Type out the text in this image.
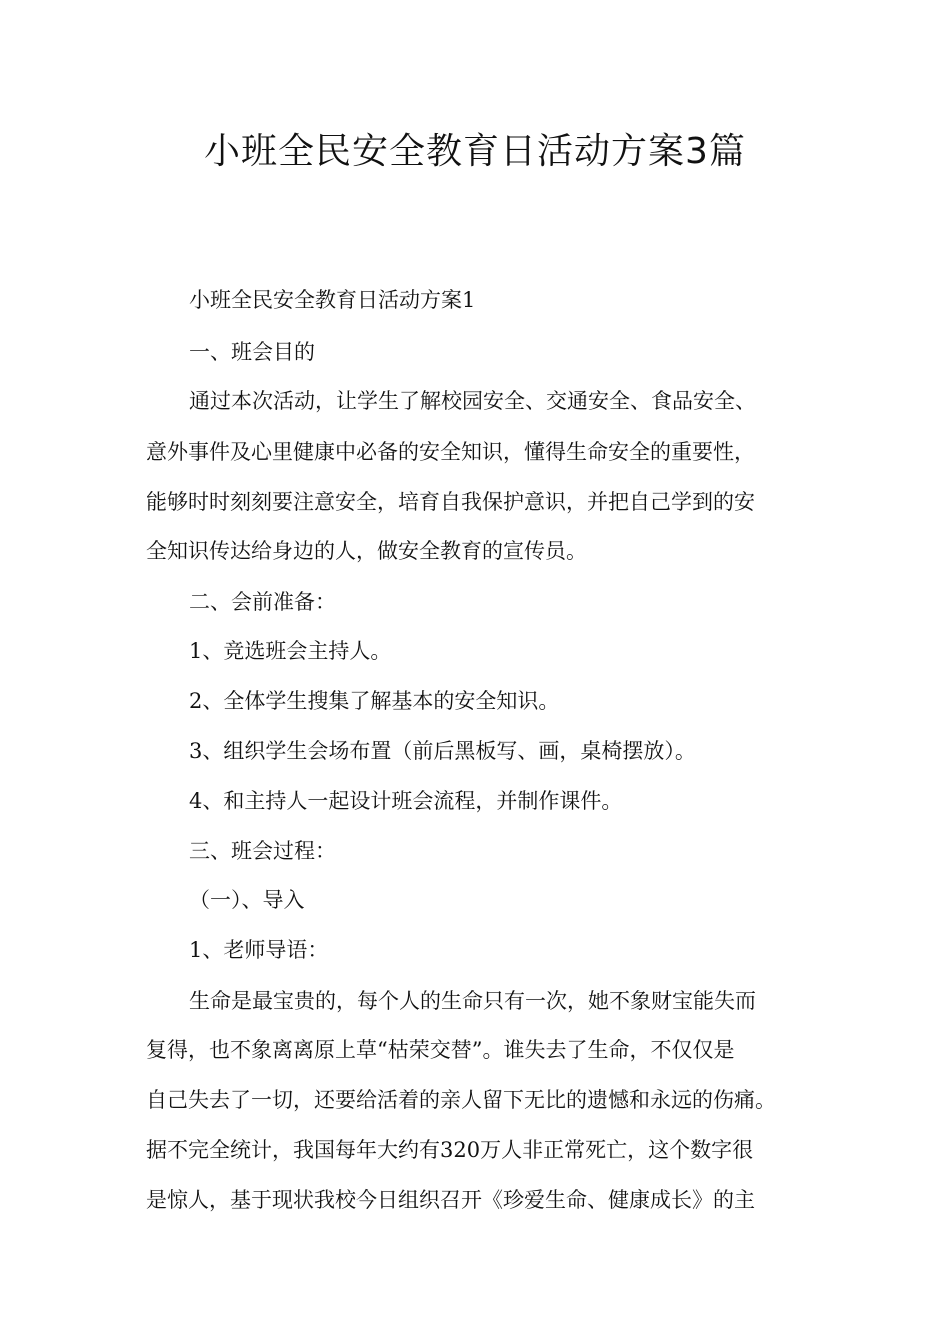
小班全民安全教育日活动方案3篇

小班全民安全教育日活动方案1

一、班会目的

通过本次活动，让学生了解校园安全、交通安全、食品安全、

意外事件及心里健康中必备的安全知识，懂得生命安全的重要性，

能够时时刻刻要注意安全，培育自我保护意识，并把自己学到的安

全知识传达给身边的人，做安全教育的宣传员。

二、会前准备：

1、竞选班会主持人。

2、全体学生搜集了解基本的安全知识。

3、组织学生会场布置（前后黑板写、画，桌椅摆放）。

4、和主持人一起设计班会流程，并制作课件。

三、班会过程：

（一）、导入

1、老师导语：

生命是最宝贵的，每个人的生命只有一次，她不象财宝能失而

复得，也不象离离原上草“枯荣交替”。谁失去了生命，不仅仅是

自己失去了一切，还要给活着的亲人留下无比的遗憾和永远的伤痛。

据不完全统计，我国每年大约有320万人非正常死亡，这个数字很

是惊人，基于现状我校今日组织召开《珍爱生命、健康成长》的主
